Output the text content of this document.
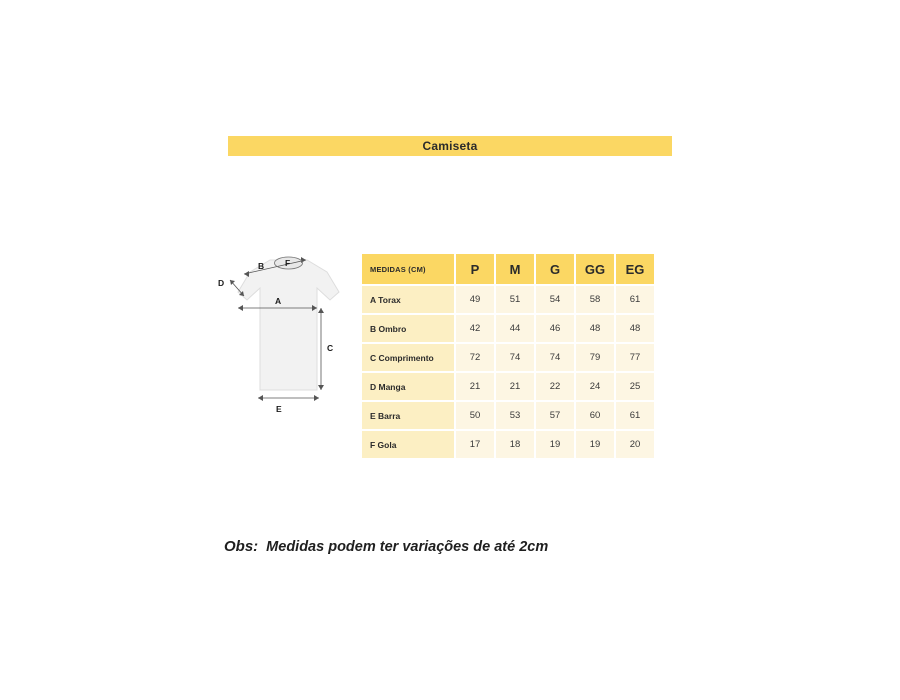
Camiseta
B
D
A
C
E
F
MEDIDAS (CM)	P	M	G	GG	EG
A Torax	49	51	54	58	61
B Ombro	42	44	46	48	48
C Comprimento	72	74	74	79	77
D Manga	21	21	22	24	25
E Barra	50	53	57	60	61
F Gola	17	18	19	19	20
Obs: Medidas podem ter variações de até 2cm
